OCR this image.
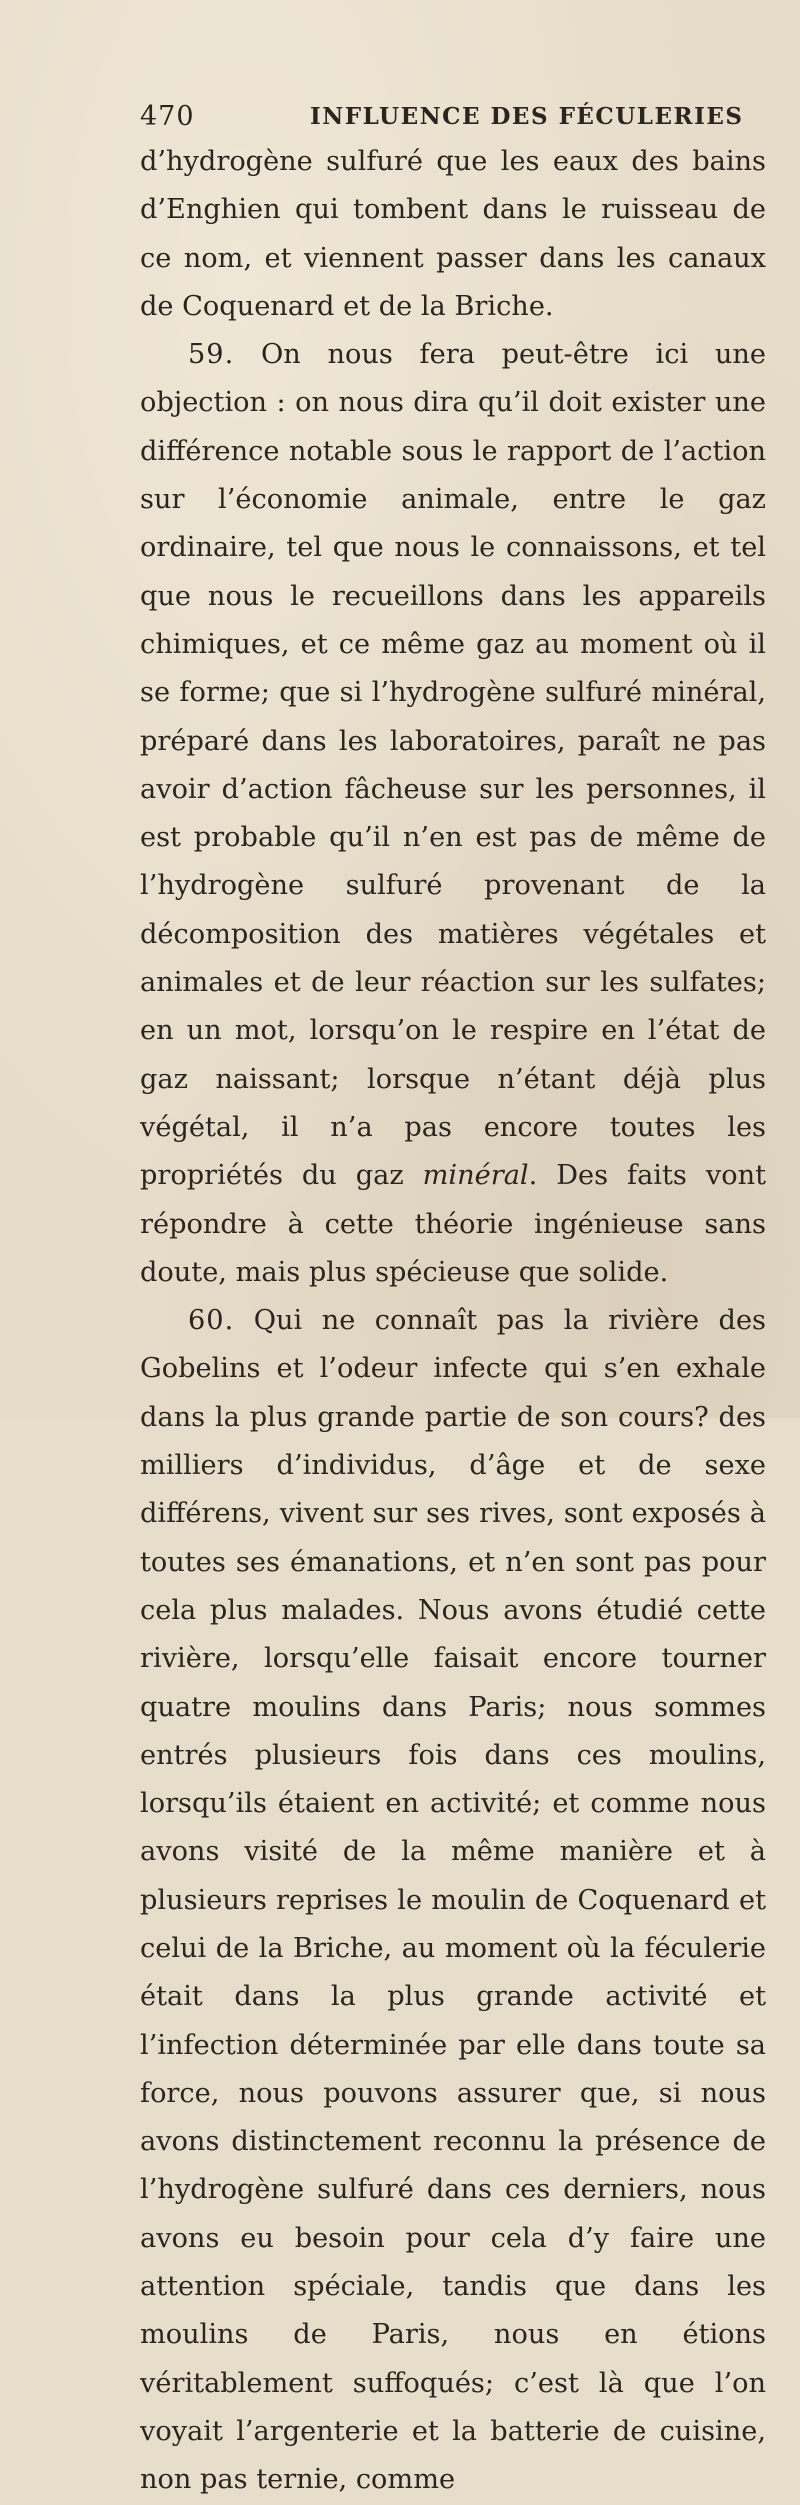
470	INFLUENCE DES FÉCULERIES

d’hydrogène sulfuré que les eaux des bains d’Enghien qui tombent dans le ruisseau de ce nom, et viennent passer dans les canaux de Coquenard et de la Briche.

59. On nous fera peut-être ici une objection : on nous dira qu’il doit exister une différence notable sous le rapport de l’action sur l’économie animale, entre le gaz ordinaire, tel que nous le connaissons, et tel que nous le recueillons dans les appareils chimiques, et ce même gaz au moment où il se forme; que si l’hydrogène sulfuré minéral, préparé dans les laboratoires, paraît ne pas avoir d’action fâcheuse sur les personnes, il est probable qu’il n’en est pas de même de l’hydrogène sulfuré provenant de la décomposition des matières végétales et animales et de leur réaction sur les sulfates; en un mot, lorsqu’on le respire en l’état de gaz naissant; lorsque n’étant déjà plus végétal, il n’a pas encore toutes les propriétés du gaz minéral. Des faits vont répondre à cette théorie ingénieuse sans doute, mais plus spécieuse que solide.

60. Qui ne connaît pas la rivière des Gobelins et l’odeur infecte qui s’en exhale dans la plus grande partie de son cours? des milliers d’individus, d’âge et de sexe différens, vivent sur ses rives, sont exposés à toutes ses émanations, et n’en sont pas pour cela plus malades. Nous avons étudié cette rivière, lorsqu’elle faisait encore tourner quatre moulins dans Paris; nous sommes entrés plusieurs fois dans ces moulins, lorsqu’ils étaient en activité; et comme nous avons visité de la même manière et à plusieurs reprises le moulin de Coquenard et celui de la Briche, au moment où la féculerie était dans la plus grande activité et l’infection déterminée par elle dans toute sa force, nous pouvons assurer que, si nous avons distinctement reconnu la présence de l’hydrogène sulfuré dans ces derniers, nous avons eu besoin pour cela d’y faire une attention spéciale, tandis que dans les moulins de Paris, nous en étions véritablement suffoqués; c’est là que l’on voyait l’argenterie et la batterie de cuisine, non pas ternie, comme
